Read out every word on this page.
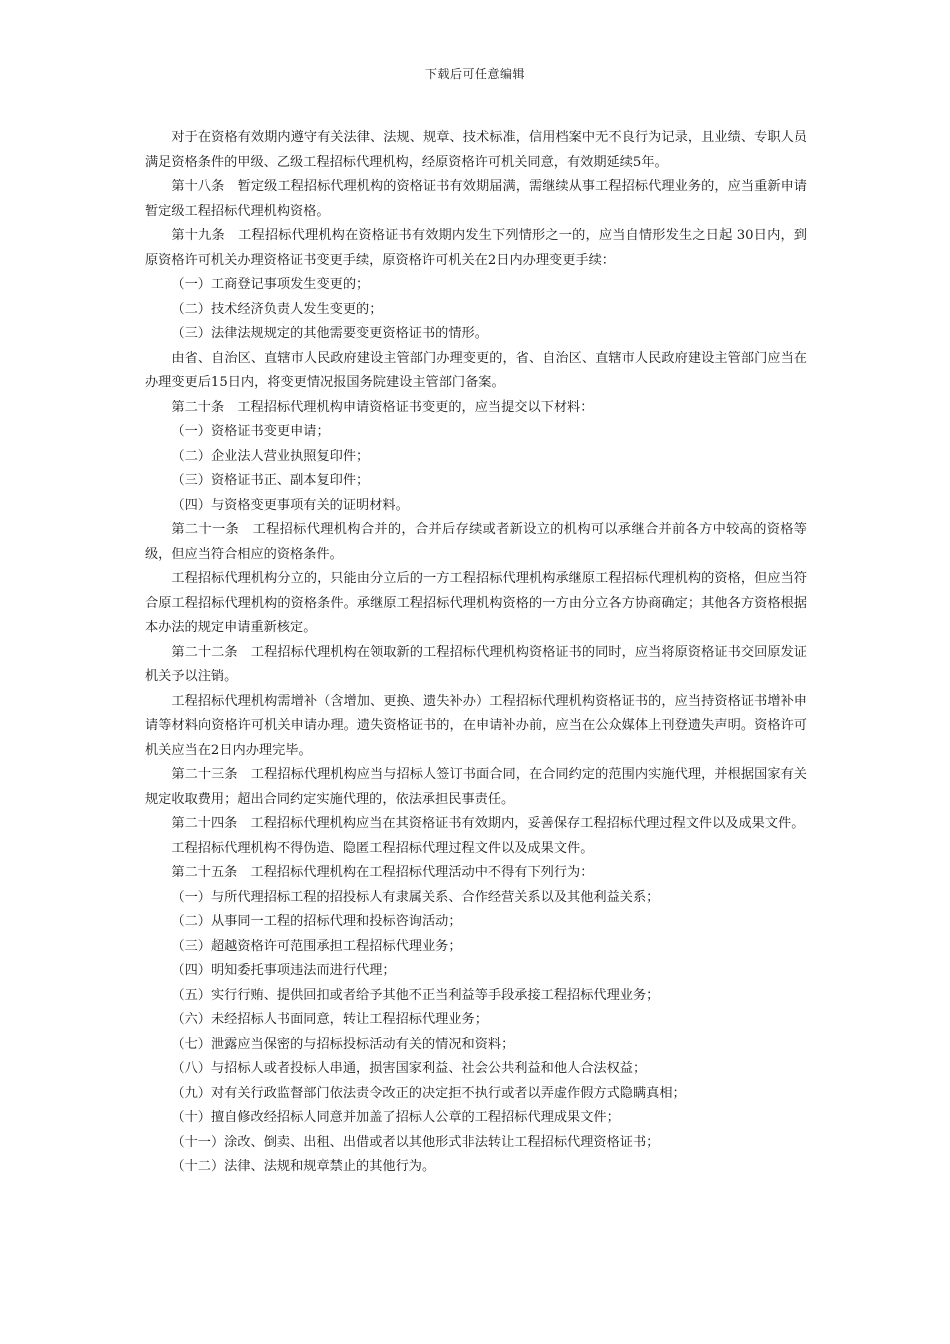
下载后可任意编辑

对于在资格有效期内遵守有关法律、法规、规章、技术标准，信用档案中无不良行为记录，且业绩、专职人员满足资格条件的甲级、乙级工程招标代理机构，经原资格许可机关同意，有效期延续5年。

第十八条　暂定级工程招标代理机构的资格证书有效期届满，需继续从事工程招标代理业务的，应当重新申请暂定级工程招标代理机构资格。

第十九条　工程招标代理机构在资格证书有效期内发生下列情形之一的，应当自情形发生之日起 30日内，到原资格许可机关办理资格证书变更手续，原资格许可机关在2日内办理变更手续：

（一）工商登记事项发生变更的；

（二）技术经济负责人发生变更的；

（三）法律法规规定的其他需要变更资格证书的情形。

由省、自治区、直辖市人民政府建设主管部门办理变更的，省、自治区、直辖市人民政府建设主管部门应当在办理变更后15日内，将变更情况报国务院建设主管部门备案。

第二十条　工程招标代理机构申请资格证书变更的，应当提交以下材料：

（一）资格证书变更申请；

（二）企业法人营业执照复印件；

（三）资格证书正、副本复印件；

（四）与资格变更事项有关的证明材料。

第二十一条　工程招标代理机构合并的，合并后存续或者新设立的机构可以承继合并前各方中较高的资格等级，但应当符合相应的资格条件。

工程招标代理机构分立的，只能由分立后的一方工程招标代理机构承继原工程招标代理机构的资格，但应当符合原工程招标代理机构的资格条件。承继原工程招标代理机构资格的一方由分立各方协商确定；其他各方资格根据本办法的规定申请重新核定。

第二十二条　工程招标代理机构在领取新的工程招标代理机构资格证书的同时，应当将原资格证书交回原发证机关予以注销。

工程招标代理机构需增补（含增加、更换、遗失补办）工程招标代理机构资格证书的，应当持资格证书增补申请等材料向资格许可机关申请办理。遗失资格证书的，在申请补办前，应当在公众媒体上刊登遗失声明。资格许可机关应当在2日内办理完毕。

第二十三条　工程招标代理机构应当与招标人签订书面合同，在合同约定的范围内实施代理，并根据国家有关规定收取费用；超出合同约定实施代理的，依法承担民事责任。

第二十四条　工程招标代理机构应当在其资格证书有效期内，妥善保存工程招标代理过程文件以及成果文件。

工程招标代理机构不得伪造、隐匿工程招标代理过程文件以及成果文件。

第二十五条　工程招标代理机构在工程招标代理活动中不得有下列行为：

（一）与所代理招标工程的招投标人有隶属关系、合作经营关系以及其他利益关系；

（二）从事同一工程的招标代理和投标咨询活动；

（三）超越资格许可范围承担工程招标代理业务；

（四）明知委托事项违法而进行代理；

（五）实行行贿、提供回扣或者给予其他不正当利益等手段承接工程招标代理业务；

（六）未经招标人书面同意，转让工程招标代理业务；

（七）泄露应当保密的与招标投标活动有关的情况和资料；

（八）与招标人或者投标人串通，损害国家利益、社会公共利益和他人合法权益；

（九）对有关行政监督部门依法责令改正的决定拒不执行或者以弄虚作假方式隐瞒真相；

（十）擅自修改经招标人同意并加盖了招标人公章的工程招标代理成果文件；

（十一）涂改、倒卖、出租、出借或者以其他形式非法转让工程招标代理资格证书；

（十二）法律、法规和规章禁止的其他行为。
